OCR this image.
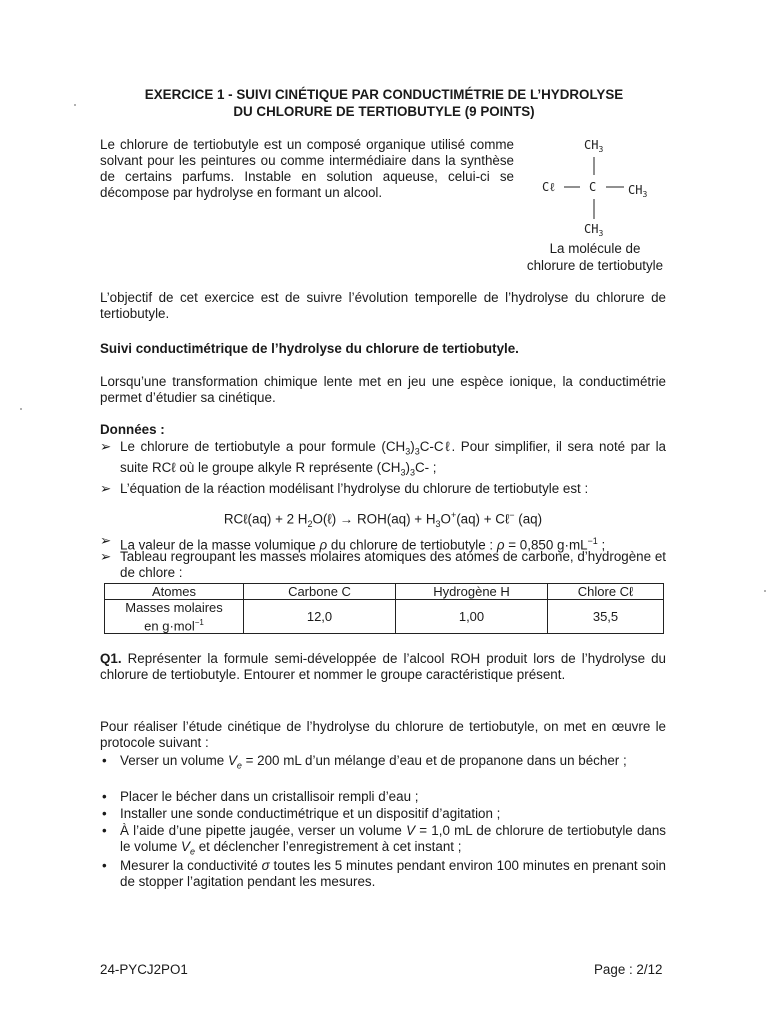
EXERCICE 1 - SUIVI CINÉTIQUE PAR CONDUCTIMÉTRIE DE L’HYDROLYSE
DU CHLORURE DE TERTIOBUTYLE (9 POINTS)
Le chlorure de tertiobutyle est un composé organique utilisé comme solvant pour les peintures ou comme intermédiaire dans la synthèse de certains parfums. Instable en solution aqueuse, celui-ci se décompose par hydrolyse en formant un alcool.
$CH_3$
Cℓ	C	$CH_3$
$CH_3$
La molécule de
chlorure de tertiobutyle
L’objectif de cet exercice est de suivre l’évolution temporelle de l’hydrolyse du chlorure de tertiobutyle.
Suivi conductimétrique de l’hydrolyse du chlorure de tertiobutyle.
Lorsqu’une transformation chimique lente met en jeu une espèce ionique, la conductimétrie permet d’étudier sa cinétique.
Données :
➢ Le chlorure de tertiobutyle a pour formule $(CH_3)_3C-C\ell$. Pour simplifier, il sera noté par la suite RCℓ où le groupe alkyle R représente $(CH_3)_3C-$ ;
➢ L’équation de la réaction modélisant l’hydrolyse du chlorure de tertiobutyle est :
RCℓ(aq) + 2 $H_2O(\ell) \to ROH(aq) + H_3O^+(aq)$ + Cℓ− (aq)
➢ La valeur de la masse volumique ρ du chlorure de tertiobutyle : ρ = 0,850 $g\cdot mL^{-1}$ ;
➢ Tableau regroupant les masses molaires atomiques des atomes de carbone, d’hydrogène et de chlore :
Atomes	Carbone C	Hydrogène H	Chlore Cℓ

Masses molaires
en g·mol$^{-1}$	12,0	1,00	35,5
Q1. Représenter la formule semi-développée de l’alcool ROH produit lors de l’hydrolyse du chlorure de tertiobutyle. Entourer et nommer le groupe caractéristique présent.
Pour réaliser l’étude cinétique de l’hydrolyse du chlorure de tertiobutyle, on met en œuvre le protocole suivant :
• Verser un volume $V_e = 200$ mL d’un mélange d’eau et de propanone dans un bécher ;
• Placer le bécher dans un cristallisoir rempli d’eau ;
• Installer une sonde conductimétrique et un dispositif d’agitation ;
• À l’aide d’une pipette jaugée, verser un volume V = 1,0 mL de chlorure de tertiobutyle dans le volume $V_e$ et déclencher l’enregistrement à cet instant ;
• Mesurer la conductivité σ toutes les 5 minutes pendant environ 100 minutes en prenant soin de stopper l’agitation pendant les mesures.
24-PYCJ2PO1	Page : 2/12
